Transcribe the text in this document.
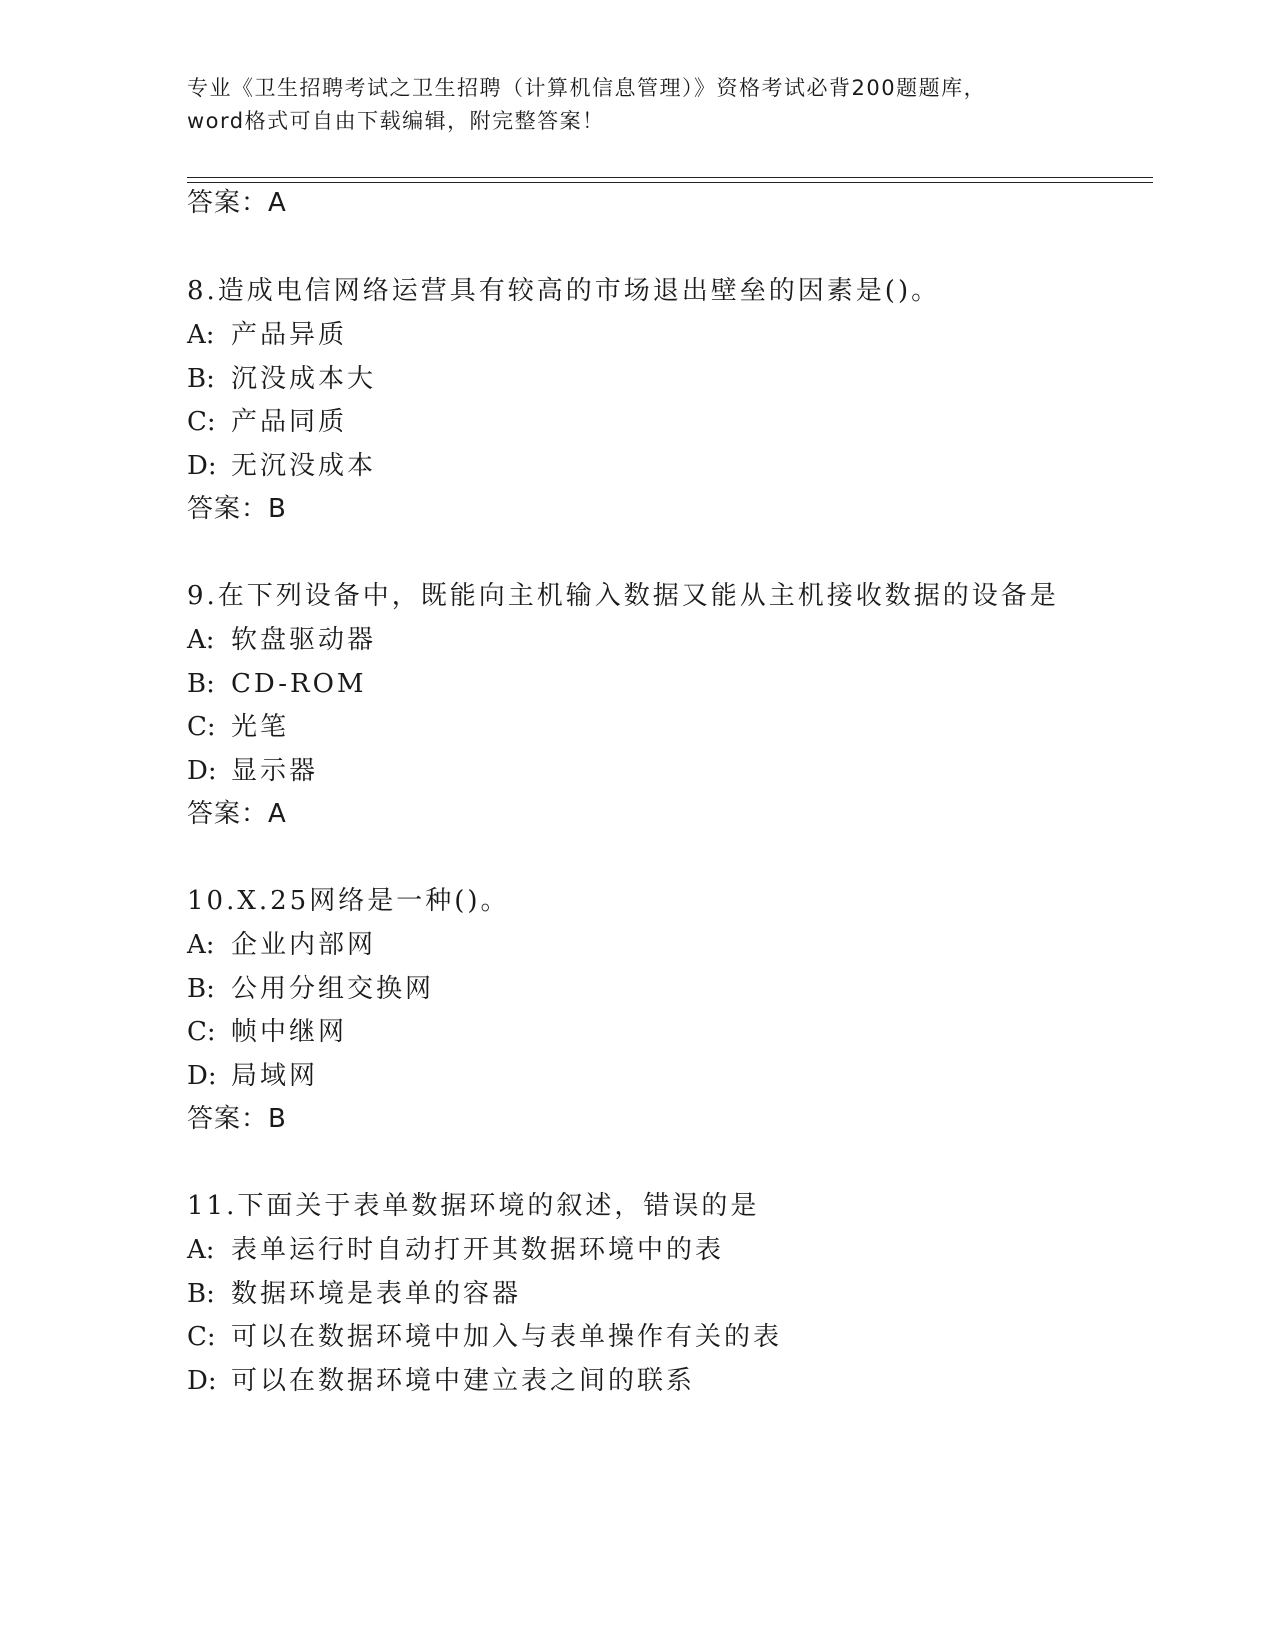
专业《卫生招聘考试之卫生招聘（计算机信息管理）》资格考试必背200题题库，
word格式可自由下载编辑，附完整答案！
答案：A
8.造成电信网络运营具有较高的市场退出壁垒的因素是()。
A: 产品异质
B: 沉没成本大
C: 产品同质
D: 无沉没成本
答案：B
9.在下列设备中，既能向主机输入数据又能从主机接收数据的设备是
A: 软盘驱动器
B: CD-ROM
C: 光笔
D: 显示器
答案：A
10.X.25网络是一种()。
A: 企业内部网
B: 公用分组交换网
C: 帧中继网
D: 局域网
答案：B
11.下面关于表单数据环境的叙述，错误的是
A: 表单运行时自动打开其数据环境中的表
B: 数据环境是表单的容器
C: 可以在数据环境中加入与表单操作有关的表
D: 可以在数据环境中建立表之间的联系
